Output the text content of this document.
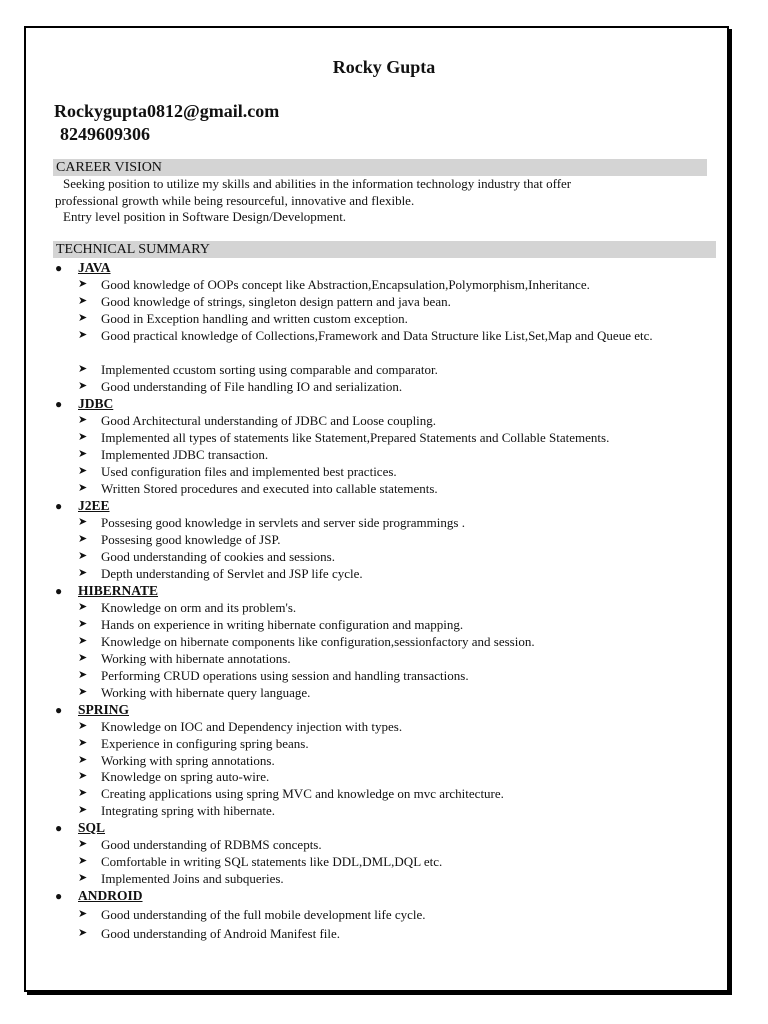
Rocky Gupta
Rockygupta0812@gmail.com
8249609306
CAREER VISION

Seeking position to utilize my skills and abilities in the information technology industry that offer

professional growth while being resourceful, innovative and flexible.

Entry level position in Software Design/Development.

TECHNICAL SUMMARY
● JAVA
➤	Good knowledge of OOPs concept like Abstraction,Encapsulation,Polymorphism,Inheritance.
➤	Good knowledge of strings, singleton design pattern and java bean.
➤	Good in Exception handling and written custom exception.
➤	Good practical knowledge of Collections,Framework and Data Structure like List,Set,Map and Queue etc.
➤	Implemented ccustom sorting using comparable and comparator.
➤	Good understanding of File handling IO and serialization.
● JDBC
➤	Good Architectural understanding of JDBC and Loose coupling.
➤	Implemented all types of statements like Statement,Prepared Statements and Collable Statements.
➤	Implemented JDBC transaction.
➤	Used configuration files and implemented best practices.
➤	Written Stored procedures and executed into callable statements.
● J2EE
➤	Possesing good knowledge in servlets and server side programmings .
➤	Possesing good knowledge of JSP.
➤	Good understanding of cookies and sessions.
➤	Depth understanding of Servlet and JSP life cycle.
● HIBERNATE
➤	Knowledge on orm and its problem's.
➤	Hands on experience in writing hibernate configuration and mapping.
➤	Knowledge on hibernate components like configuration,sessionfactory and session.
➤	Working with hibernate annotations.
➤	Performing CRUD operations using session and handling transactions.
➤	Working with hibernate query language.
● SPRING
➤	Knowledge on IOC and Dependency injection with types.
➤	Experience in configuring spring beans.
➤	Working with spring annotations.
➤	Knowledge on spring auto-wire.
➤	Creating applications using spring MVC and knowledge on mvc architecture.
➤	Integrating spring with hibernate.
● SQL
➤	Good understanding of RDBMS concepts.
➤	Comfortable in writing SQL statements like DDL,DML,DQL etc.
➤	Implemented Joins and subqueries.
● ANDROID
➤	Good understanding of the full mobile development life cycle.
➤	Good understanding of Android Manifest file.
